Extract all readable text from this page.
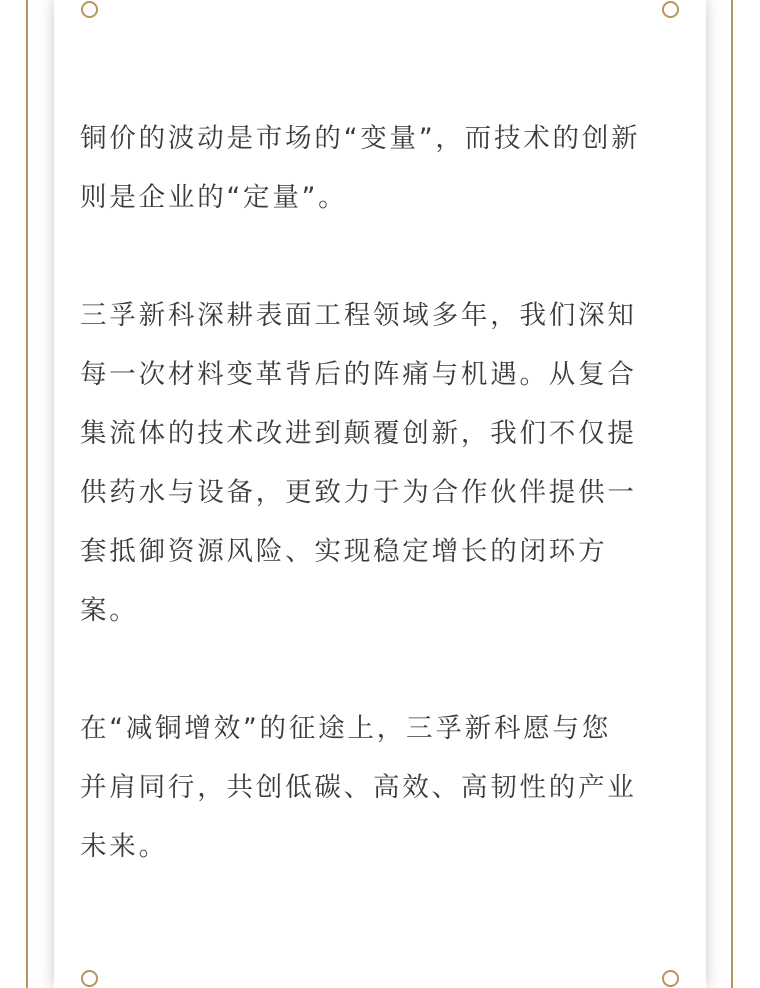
铜价的波动是市场的“变量”，而技术的创新
则是企业的“定量”。

三孚新科深耕表面工程领域多年，我们深知
每一次材料变革背后的阵痛与机遇。从复合
集流体的技术改进到颠覆创新，我们不仅提
供药水与设备，更致力于为合作伙伴提供一
套抵御资源风险、实现稳定增长的闭环方
案。

在“减铜增效”的征途上，三孚新科愿与您
并肩同行，共创低碳、高效、高韧性的产业
未来。
